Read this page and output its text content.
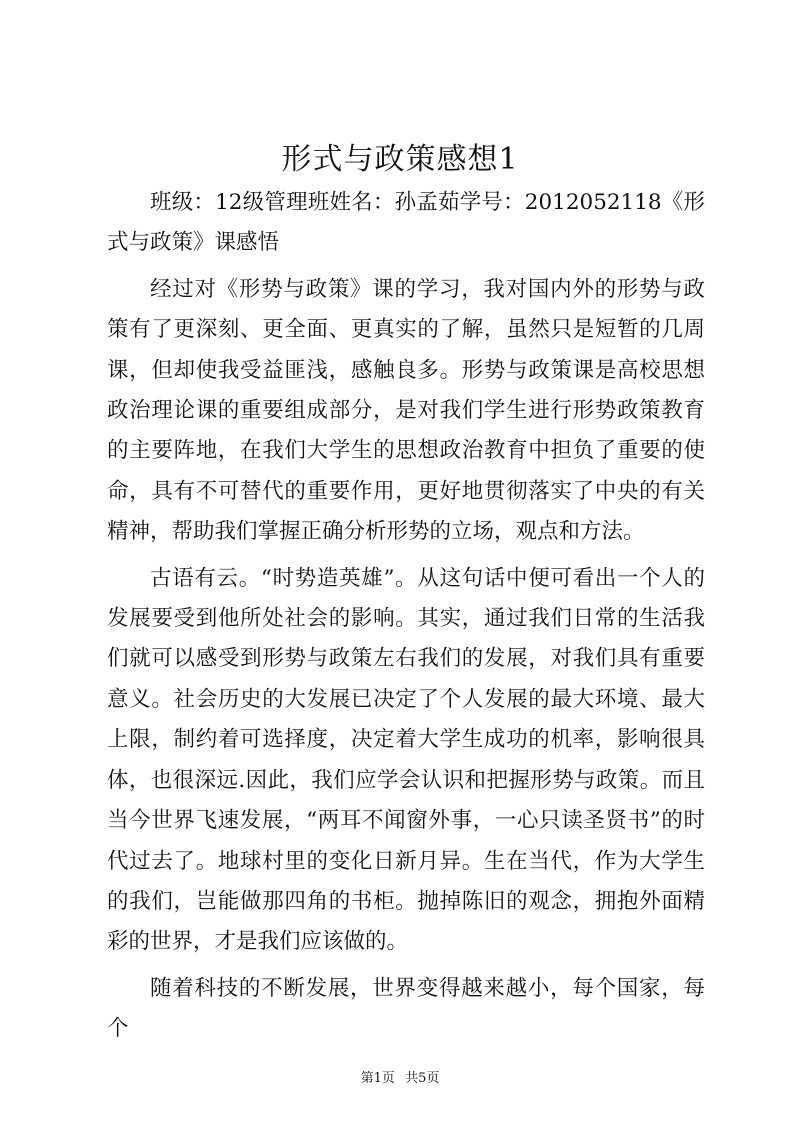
形式与政策感想1

班级：12级管理班姓名：孙孟茹学号：2012052118《形式与政策》课感悟

经过对《形势与政策》课的学习，我对国内外的形势与政策有了更深刻、更全面、更真实的了解，虽然只是短暂的几周课，但却使我受益匪浅，感触良多。形势与政策课是高校思想政治理论课的重要组成部分，是对我们学生进行形势政策教育的主要阵地，在我们大学生的思想政治教育中担负了重要的使命，具有不可替代的重要作用，更好地贯彻落实了中央的有关精神，帮助我们掌握正确分析形势的立场，观点和方法。

古语有云。“时势造英雄”。从这句话中便可看出一个人的发展要受到他所处社会的影响。其实，通过我们日常的生活我们就可以感受到形势与政策左右我们的发展，对我们具有重要意义。社会历史的大发展已决定了个人发展的最大环境、最大上限，制约着可选择度，决定着大学生成功的机率，影响很具体，也很深远.因此，我们应学会认识和把握形势与政策。而且当今世界飞速发展，“两耳不闻窗外事，一心只读圣贤书”的时代过去了。地球村里的变化日新月异。生在当代，作为大学生的我们，岂能做那四角的书柜。抛掉陈旧的观念，拥抱外面精彩的世界，才是我们应该做的。

随着科技的不断发展，世界变得越来越小，每个国家，每个

第1页 共5页
